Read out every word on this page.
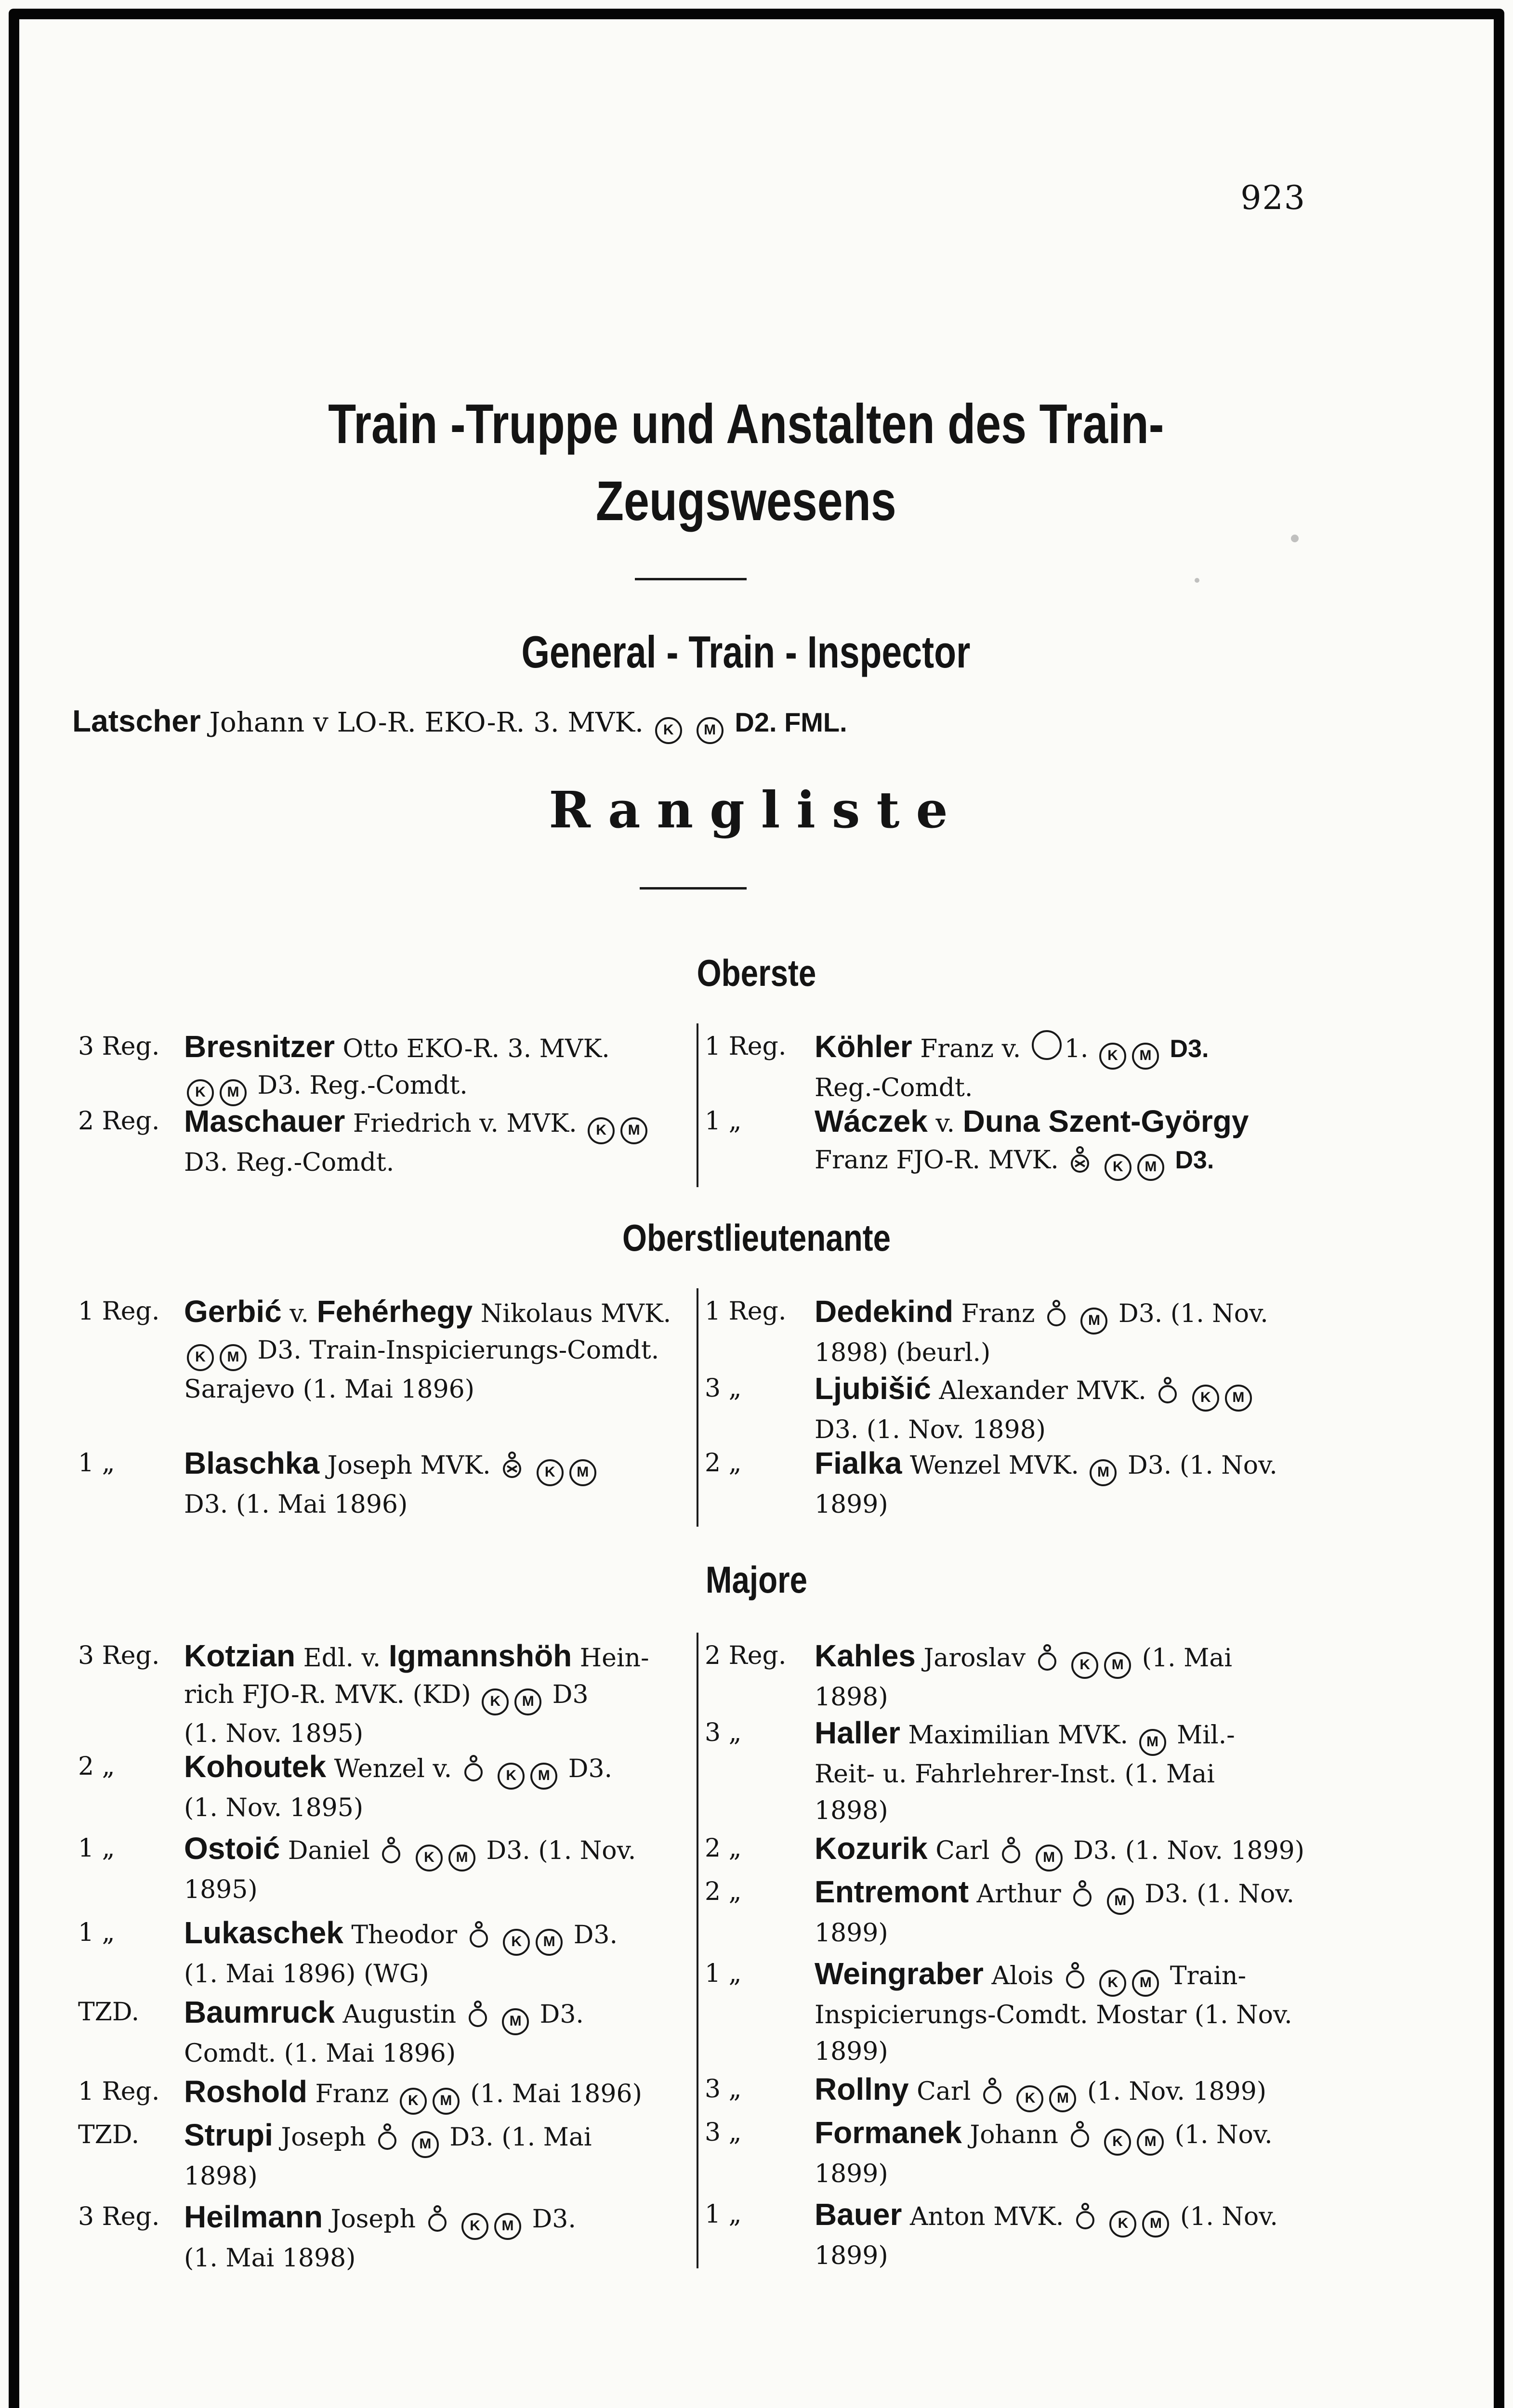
923
Train -Truppe und Anstalten des Train-
Zeugswesens
General - Train - Inspector
Latscher Johann v LO-R. EKO-R. 3. MVK. K M D2. FML.
Rangliste
Oberste
3 Reg. Bresnitzer Otto EKO-R. 3. MVK.
K M D3. Reg.-Comdt.
2 Reg. Maschauer Friedrich v. MVK. K M
D3. Reg.-Comdt.
1 Reg. Köhler Franz v. 1. K M D3.
Reg.-Comdt.
1 „ Wáczek v. Duna Szent-György
Franz FJO-R. MVK.	K M D3.
Oberstlieutenante
1 Reg. Gerbić v. Fehérhegy Nikolaus MVK.
K M D3. Train-Inspicierungs-Comdt.
Sarajevo (1. Mai 1896)
1 „ Blaschka Joseph MVK.	K M
D3. (1. Mai 1896)
1 Reg. Dedekind Franz	M D3. (1. Nov.
1898) (beurl.)
3 „ Ljubišić Alexander MVK.	K M
D3. (1. Nov. 1898)
2 „ Fialka Wenzel MVK. M D3. (1. Nov.
1899)
Majore
3 Reg. Kotzian Edl. v. Igmannshöh Hein-
rich FJO-R. MVK. (KD) K M D3
(1. Nov. 1895)
2 „ Kohoutek Wenzel v.	K M D3.
(1. Nov. 1895)
1 „ Ostoić Daniel	K M D3. (1. Nov.
1895)
1 „ Lukaschek Theodor	K M D3.
(1. Mai 1896) (WG)
TZD. Baumruck Augustin	M D3.
Comdt. (1. Mai 1896)
1 Reg. Roshold Franz K M (1. Mai 1896)
TZD. Strupi Joseph	M D3. (1. Mai
1898)
3 Reg. Heilmann Joseph	K M D3.
(1. Mai 1898)
2 Reg. Kahles Jaroslav	K M (1. Mai
1898)
3 „ Haller Maximilian MVK. M Mil.-
Reit- u. Fahrlehrer-Inst. (1. Mai
1898)
2 „ Kozurik Carl	M D3. (1. Nov. 1899)
2 „ Entremont Arthur	M D3. (1. Nov.
1899)
1 „ Weingraber Alois	K M Train-
Inspicierungs-Comdt. Mostar (1. Nov.
1899)
3 „ Rollny Carl	K M (1. Nov. 1899)
3 „ Formanek Johann	K M (1. Nov.
1899)
1 „ Bauer Anton MVK.	K M (1. Nov.
1899)
